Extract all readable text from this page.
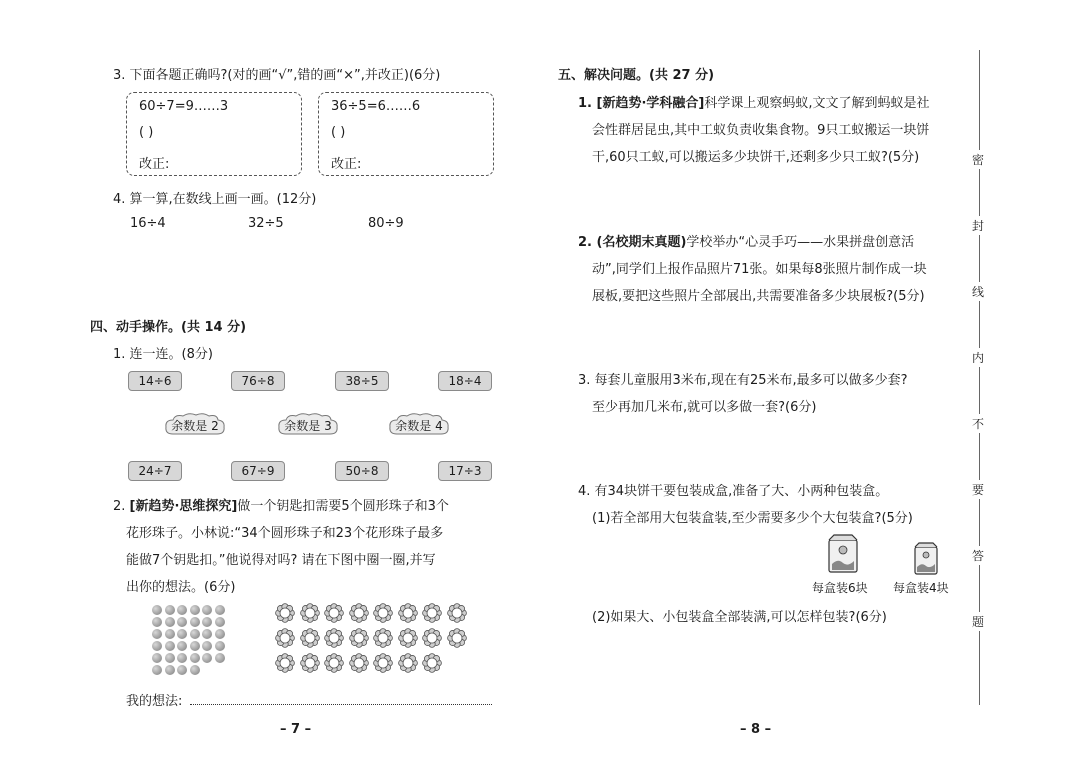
3. 下面各题正确吗?(对的画“√”,错的画“×”,并改正)(6分)
60÷7=9……3
( )
改正:
36÷5=6……6
( )
改正:
4. 算一算,在数线上画一画。(12分)
16÷4	32÷5	80÷9
四、动手操作。(共 14 分)
1. 连一连。(8分)
14÷6	76÷8	38÷5	18÷4
余数是 2	余数是 3	余数是 4
24÷7	67÷9	50÷8	17÷3
2. [新趋势·思维探究]做一个钥匙扣需要5个圆形珠子和3个
花形珠子。小林说:“34个圆形珠子和23个花形珠子最多
能做7个钥匙扣。”他说得对吗? 请在下图中圈一圈,并写
出你的想法。(6分)
我的想法:
– 7 –
五、解决问题。(共 27 分)
1. [新趋势·学科融合]科学课上观察蚂蚁,文文了解到蚂蚁是社
会性群居昆虫,其中工蚁负责收集食物。9只工蚁搬运一块饼
干,60只工蚁,可以搬运多少块饼干,还剩多少只工蚁?(5分)
2. (名校期末真题)学校举办“心灵手巧——水果拼盘创意活
动”,同学们上报作品照片71张。如果每8张照片制作成一块
展板,要把这些照片全部展出,共需要准备多少块展板?(5分)
3. 每套儿童服用3米布,现在有25米布,最多可以做多少套?
至少再加几米布,就可以多做一套?(6分)
4. 有34块饼干要包装成盒,准备了大、小两种包装盒。
(1)若全部用大包装盒装,至少需要多少个大包装盒?(5分)
每盒装6块 每盒装4块
(2)如果大、小包装盒全部装满,可以怎样包装?(6分)
– 8 –
密
封
线
内
不
要
答
题
